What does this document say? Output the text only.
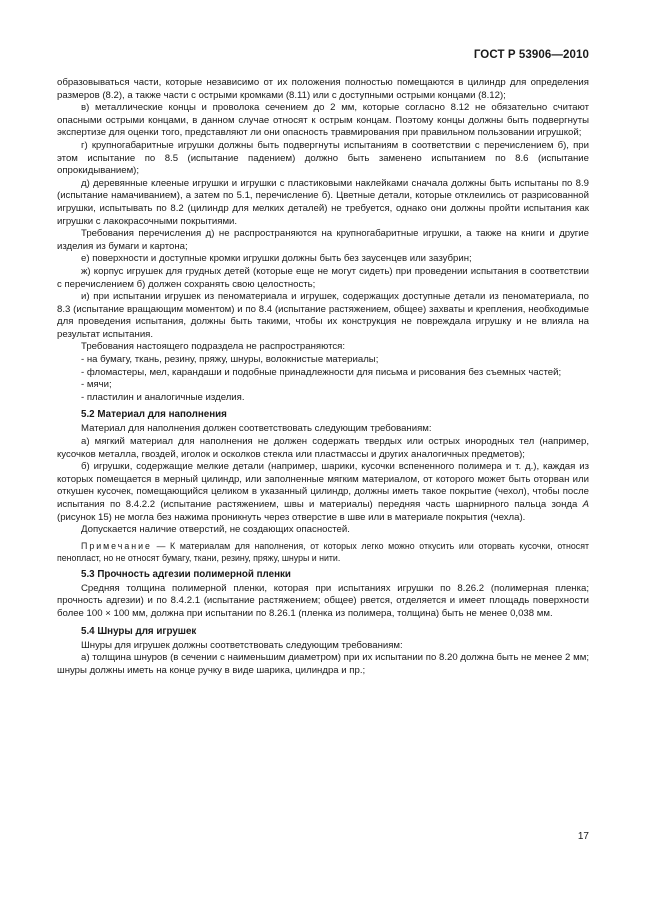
ГОСТ Р 53906—2010

образовываться части, которые независимо от их положения полностью помещаются в цилиндр для определения размеров (8.2), а также части с острыми кромками (8.11) или с доступными острыми концами (8.12);

в) металлические концы и проволока сечением до 2 мм, которые согласно 8.12 не обязательно считают опасными острыми концами, в данном случае относят к острым концам. Поэтому концы должны быть подвергнуты экспертизе для оценки того, представляют ли они опасность травмирования при правильном пользовании игрушкой;

г) крупногабаритные игрушки должны быть подвергнуты испытаниям в соответствии с перечислением б), при этом испытание по 8.5 (испытание падением) должно быть заменено испытанием по 8.6 (испытание опрокидыванием);

д) деревянные клееные игрушки и игрушки с пластиковыми наклейками сначала должны быть испытаны по 8.9 (испытание намачиванием), а затем по 5.1, перечисление б). Цветные детали, которые отклеились от разрисованной игрушки, испытывать по 8.2 (цилиндр для мелких деталей) не требуется, однако они должны пройти испытания как игрушки с лакокрасочными покрытиями.

Требования перечисления д) не распространяются на крупногабаритные игрушки, а также на книги и другие изделия из бумаги и картона;

е) поверхности и доступные кромки игрушки должны быть без заусенцев или зазубрин;

ж) корпус игрушек для грудных детей (которые еще не могут сидеть) при проведении испытания в соответствии с перечислением б) должен сохранять свою целостность;

и) при испытании игрушек из пеноматериала и игрушек, содержащих доступные детали из пеноматериала, по 8.3 (испытание вращающим моментом) и по 8.4 (испытание растяжением, общее) захваты и крепления, необходимые для проведения испытания, должны быть такими, чтобы их конструкция не повреждала игрушку и не влияла на результат испытания.

Требования настоящего подраздела не распространяются:

- на бумагу, ткань, резину, пряжу, шнуры, волокнистые материалы;

- фломастеры, мел, карандаши и подобные принадлежности для письма и рисования без съемных частей;

- мячи;

- пластилин и аналогичные изделия.

5.2 Материал для наполнения

Материал для наполнения должен соответствовать следующим требованиям:

а) мягкий материал для наполнения не должен содержать твердых или острых инородных тел (например, кусочков металла, гвоздей, иголок и осколков стекла или пластмассы и других аналогичных предметов);

б) игрушки, содержащие мелкие детали (например, шарики, кусочки вспененного полимера и т. д.), каждая из которых помещается в мерный цилиндр, или заполненные мягким материалом, от которого может быть оторван или откушен кусочек, помещающийся целиком в указанный цилиндр, должны иметь такое покрытие (чехол), чтобы после испытания по 8.4.2.2 (испытание растяжением, швы и материалы) передняя часть шарнирного пальца зонда A (рисунок 15) не могла без нажима проникнуть через отверстие в шве или в материале покрытия (чехла).

Допускается наличие отверстий, не создающих опасностей.

Примечание — К материалам для наполнения, от которых легко можно откусить или оторвать кусочки, относят пенопласт, но не относят бумагу, ткани, резину, пряжу, шнуры и нити.

5.3 Прочность адгезии полимерной пленки

Средняя толщина полимерной пленки, которая при испытаниях игрушки по 8.26.2 (полимерная пленка; прочность адгезии) и по 8.4.2.1 (испытание растяжением; общее) рвется, отделяется и имеет площадь поверхности более 100 × 100 мм, должна при испытании по 8.26.1 (пленка из полимера, толщина) быть не менее 0,038 мм.

5.4 Шнуры для игрушек

Шнуры для игрушек должны соответствовать следующим требованиям:

а) толщина шнуров (в сечении с наименьшим диаметром) при их испытании по 8.20 должна быть не менее 2 мм; шнуры должны иметь на конце ручку в виде шарика, цилиндра и пр.;

17
